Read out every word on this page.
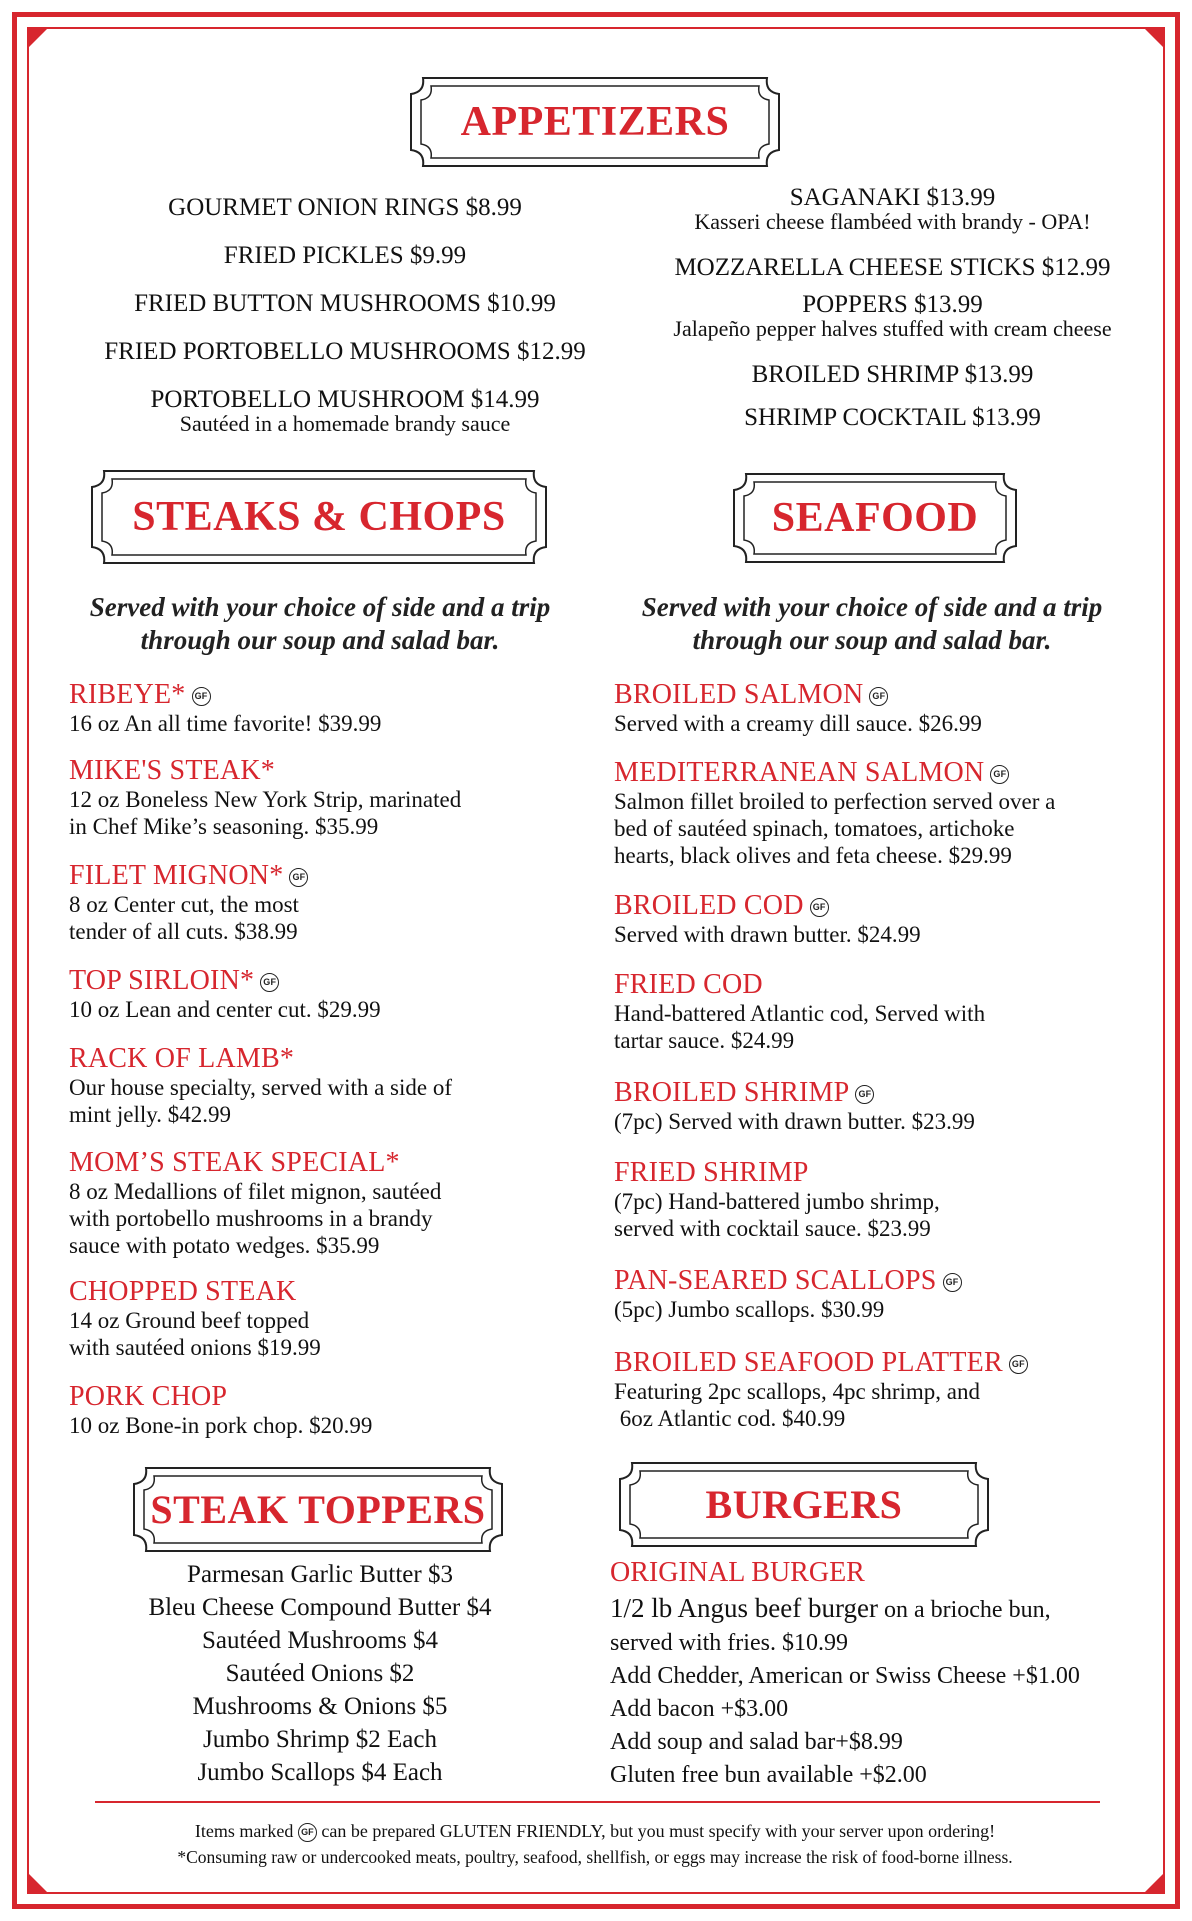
APPETIZERS
GOURMET ONION RINGS $8.99
FRIED PICKLES $9.99
FRIED BUTTON MUSHROOMS $10.99
FRIED PORTOBELLO MUSHROOMS $12.99
PORTOBELLO MUSHROOM $14.99
Sautéed in a homemade brandy sauce
SAGANAKI $13.99
Kasseri cheese flambéed with brandy - OPA!
MOZZARELLA CHEESE STICKS $12.99
POPPERS $13.99
Jalapeño pepper halves stuffed with cream cheese
BROILED SHRIMP $13.99
SHRIMP COCKTAIL $13.99
STEAKS & CHOPS	SEAFOOD
Served with your choice of side and a trip
through our soup and salad bar.
Served with your choice of side and a trip
through our soup and salad bar.
RIBEYE* GF
16 oz An all time favorite! $39.99
MIKE'S STEAK*
12 oz Boneless New York Strip, marinated
in Chef Mike’s seasoning. $35.99
FILET MIGNON* GF
8 oz Center cut, the most
tender of all cuts. $38.99
TOP SIRLOIN* GF
10 oz Lean and center cut. $29.99
RACK OF LAMB*
Our house specialty, served with a side of
mint jelly. $42.99
MOM’S STEAK SPECIAL*
8 oz Medallions of filet mignon, sautéed
with portobello mushrooms in a brandy
sauce with potato wedges. $35.99
CHOPPED STEAK
14 oz Ground beef topped
with sautéed onions $19.99
PORK CHOP
10 oz Bone-in pork chop. $20.99
BROILED SALMON GF
Served with a creamy dill sauce. $26.99
MEDITERRANEAN SALMON GF
Salmon fillet broiled to perfection served over a
bed of sautéed spinach, tomatoes, artichoke
hearts, black olives and feta cheese. $29.99
BROILED COD GF
Served with drawn butter. $24.99
FRIED COD
Hand-battered Atlantic cod, Served with
tartar sauce. $24.99
BROILED SHRIMP GF
(7pc) Served with drawn butter. $23.99
FRIED SHRIMP
(7pc) Hand-battered jumbo shrimp,
served with cocktail sauce. $23.99
PAN-SEARED SCALLOPS GF
(5pc) Jumbo scallops. $30.99
BROILED SEAFOOD PLATTER GF
Featuring 2pc scallops, 4pc shrimp, and
6oz Atlantic cod. $40.99
STEAK TOPPERS	BURGERS
Parmesan Garlic Butter $3
Bleu Cheese Compound Butter $4
Sautéed Mushrooms $4
Sautéed Onions $2
Mushrooms & Onions $5
Jumbo Shrimp $2 Each
Jumbo Scallops $4 Each
ORIGINAL BURGER
1/2 lb Angus beef burger on a brioche bun,
served with fries. $10.99
Add Chedder, American or Swiss Cheese +$1.00
Add bacon +$3.00
Add soup and salad bar+$8.99
Gluten free bun available +$2.00
Items marked GF can be prepared GLUTEN FRIENDLY, but you must specify with your server upon ordering!
*Consuming raw or undercooked meats, poultry, seafood, shellfish, or eggs may increase the risk of food-borne illness.
